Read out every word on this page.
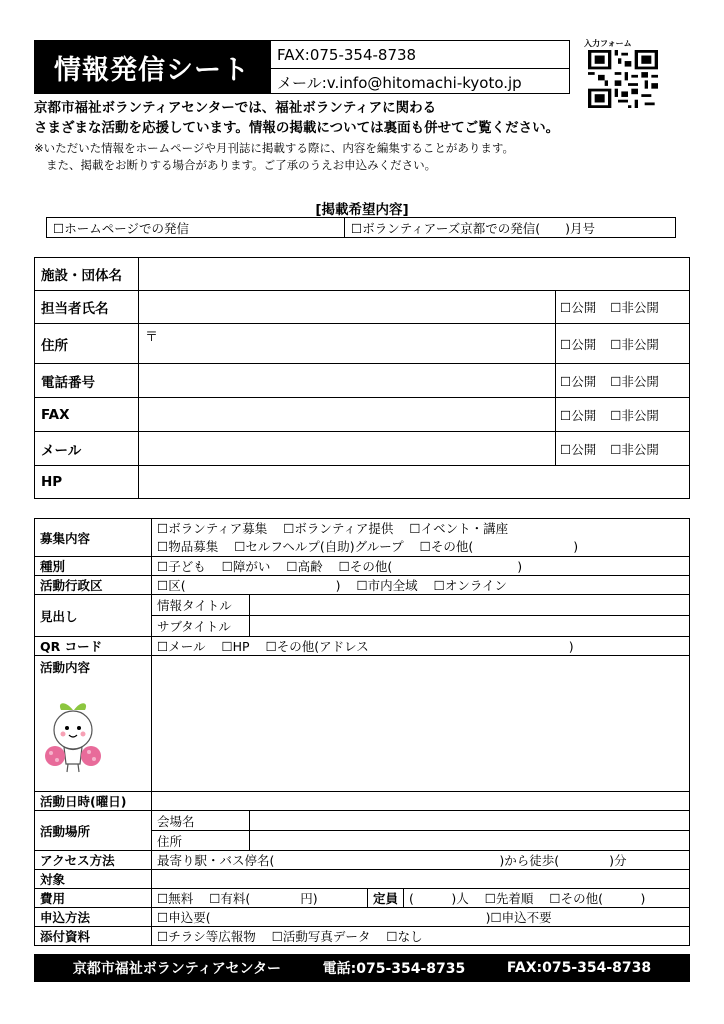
情報発信シート	FAX:075-354-8738
メール:v.info@hitomachi-kyoto.jp
入力フォーム
京都市福祉ボランティアセンターでは、福祉ボランティアに関わる
さまざまな活動を応援しています。情報の掲載については裏面も併せてご覧ください。
※いただいた情報をホームページや月刊誌に掲載する際に、内容を編集することがあります。
また、掲載をお断りする場合があります。ご了承のうえお申込みください。
[掲載希望内容]
☐ホームページでの発信	☐ボランティアーズ京都での発信(　　)月号
施設・団体名		
担当者氏名		☐公開 ☐非公開
住所	〒	☐公開 ☐非公開
電話番号		☐公開 ☐非公開
FAX		☐公開 ☐非公開
メール		☐公開 ☐非公開
HP		
募集内容	☐ボランティア募集 ☐ボランティア提供 ☐イベント・講座
☐物品募集 ☐セルフヘルプ(自助)グループ ☐その他(　　　　　　　　)			

種別	☐子ども ☐障がい ☐高齢 ☐その他(　　　　　　　　　　)			
活動行政区	☐区(　　　　　　　　　　　　) ☐市内全域 ☐オンライン			
見出し	情報タイトル			
	サブタイトル			
QR コード	☐メール ☐HP ☐その他(アドレス　　　　　　　　　　　　　　　　)			

活動内容				

活動日時(曜日)				
活動場所	会場名			
	住所			
アクセス方法	最寄り駅・バス停名(　　　　　　　　　　　　　　　　　　)から徒歩(　　　　)分			
対象				
費用	☐無料 ☐有料(　　　　円)		定員	(　　　)人 ☐先着順 ☐その他(　　　)
申込方法	☐申込要(　　　　　　　　　　　　　　　　　　　　　　)☐申込不要			
添付資料	☐チラシ等広報物 ☐活動写真データ ☐なし			
京都市福祉ボランティアセンター	電話:075-354-8735	FAX:075-354-8738
